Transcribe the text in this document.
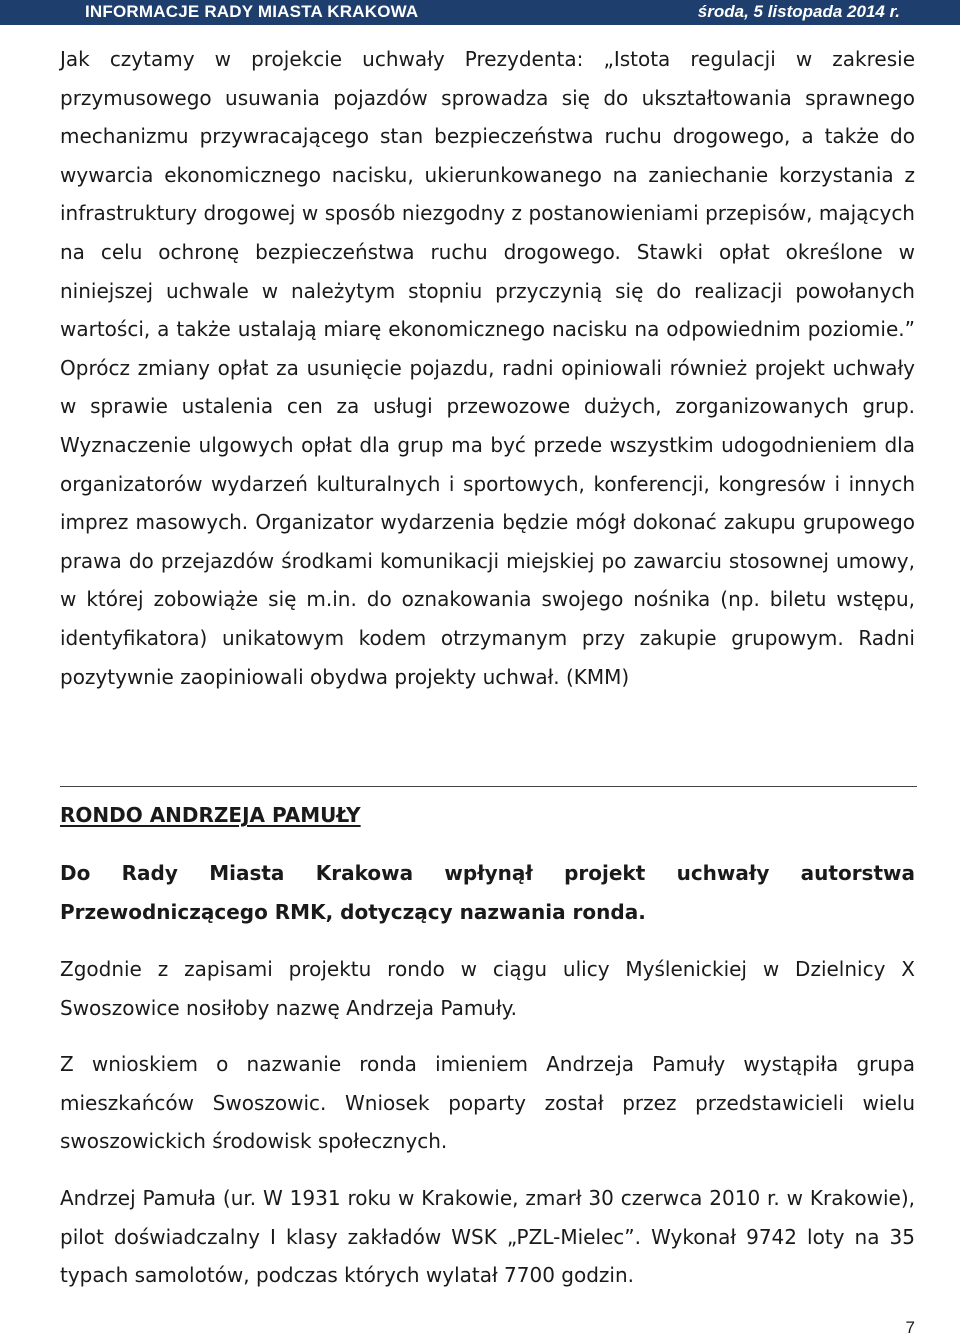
INFORMACJE RADY MIASTA KRAKOWA	środa, 5 listopada 2014 r.

Jak czytamy w projekcie uchwały Prezydenta: „Istota regulacji w zakresie przymusowego usuwania pojazdów sprowadza się do ukształtowania sprawnego mechanizmu przywracającego stan bezpieczeństwa ruchu drogowego, a także do wywarcia ekonomicznego nacisku, ukierunkowanego na zaniechanie korzystania z infrastruktury drogowej w sposób niezgodny z postanowieniami przepisów, mających na celu ochronę bezpieczeństwa ruchu drogowego. Stawki opłat określone w niniejszej uchwale w należytym stopniu przyczynią się do realizacji powołanych wartości, a także ustalają miarę ekonomicznego nacisku na odpowiednim poziomie.” Oprócz zmiany opłat za usunięcie pojazdu, radni opiniowali również projekt uchwały w sprawie ustalenia cen za usługi przewozowe dużych, zorganizowanych grup. Wyznaczenie ulgowych opłat dla grup ma być przede wszystkim udogodnieniem dla organizatorów wydarzeń kulturalnych i sportowych, konferencji, kongresów i innych imprez masowych. Organizator wydarzenia będzie mógł dokonać zakupu grupowego prawa do przejazdów środkami komunikacji miejskiej po zawarciu stosownej umowy, w której zobowiąże się m.in. do oznakowania swojego nośnika (np. biletu wstępu, identyfikatora) unikatowym kodem otrzymanym przy zakupie grupowym. Radni pozytywnie zaopiniowali obydwa projekty uchwał. (KMM)

RONDO ANDRZEJA PAMUŁY

Do Rady Miasta Krakowa wpłynął projekt uchwały autorstwa Przewodniczącego RMK, dotyczący nazwania ronda.

Zgodnie z zapisami projektu rondo w ciągu ulicy Myślenickiej w Dzielnicy X Swoszowice nosiłoby nazwę Andrzeja Pamuły.

Z wnioskiem o nazwanie ronda imieniem Andrzeja Pamuły wystąpiła grupa mieszkańców Swoszowic. Wniosek poparty został przez przedstawicieli wielu swoszowickich środowisk społecznych.

Andrzej Pamuła (ur. W 1931 roku w Krakowie, zmarł 30 czerwca 2010 r. w Krakowie), pilot doświadczalny I klasy zakładów WSK „PZL-Mielec”. Wykonał 9742 loty na 35 typach samolotów, podczas których wylatał 7700 godzin.

7
